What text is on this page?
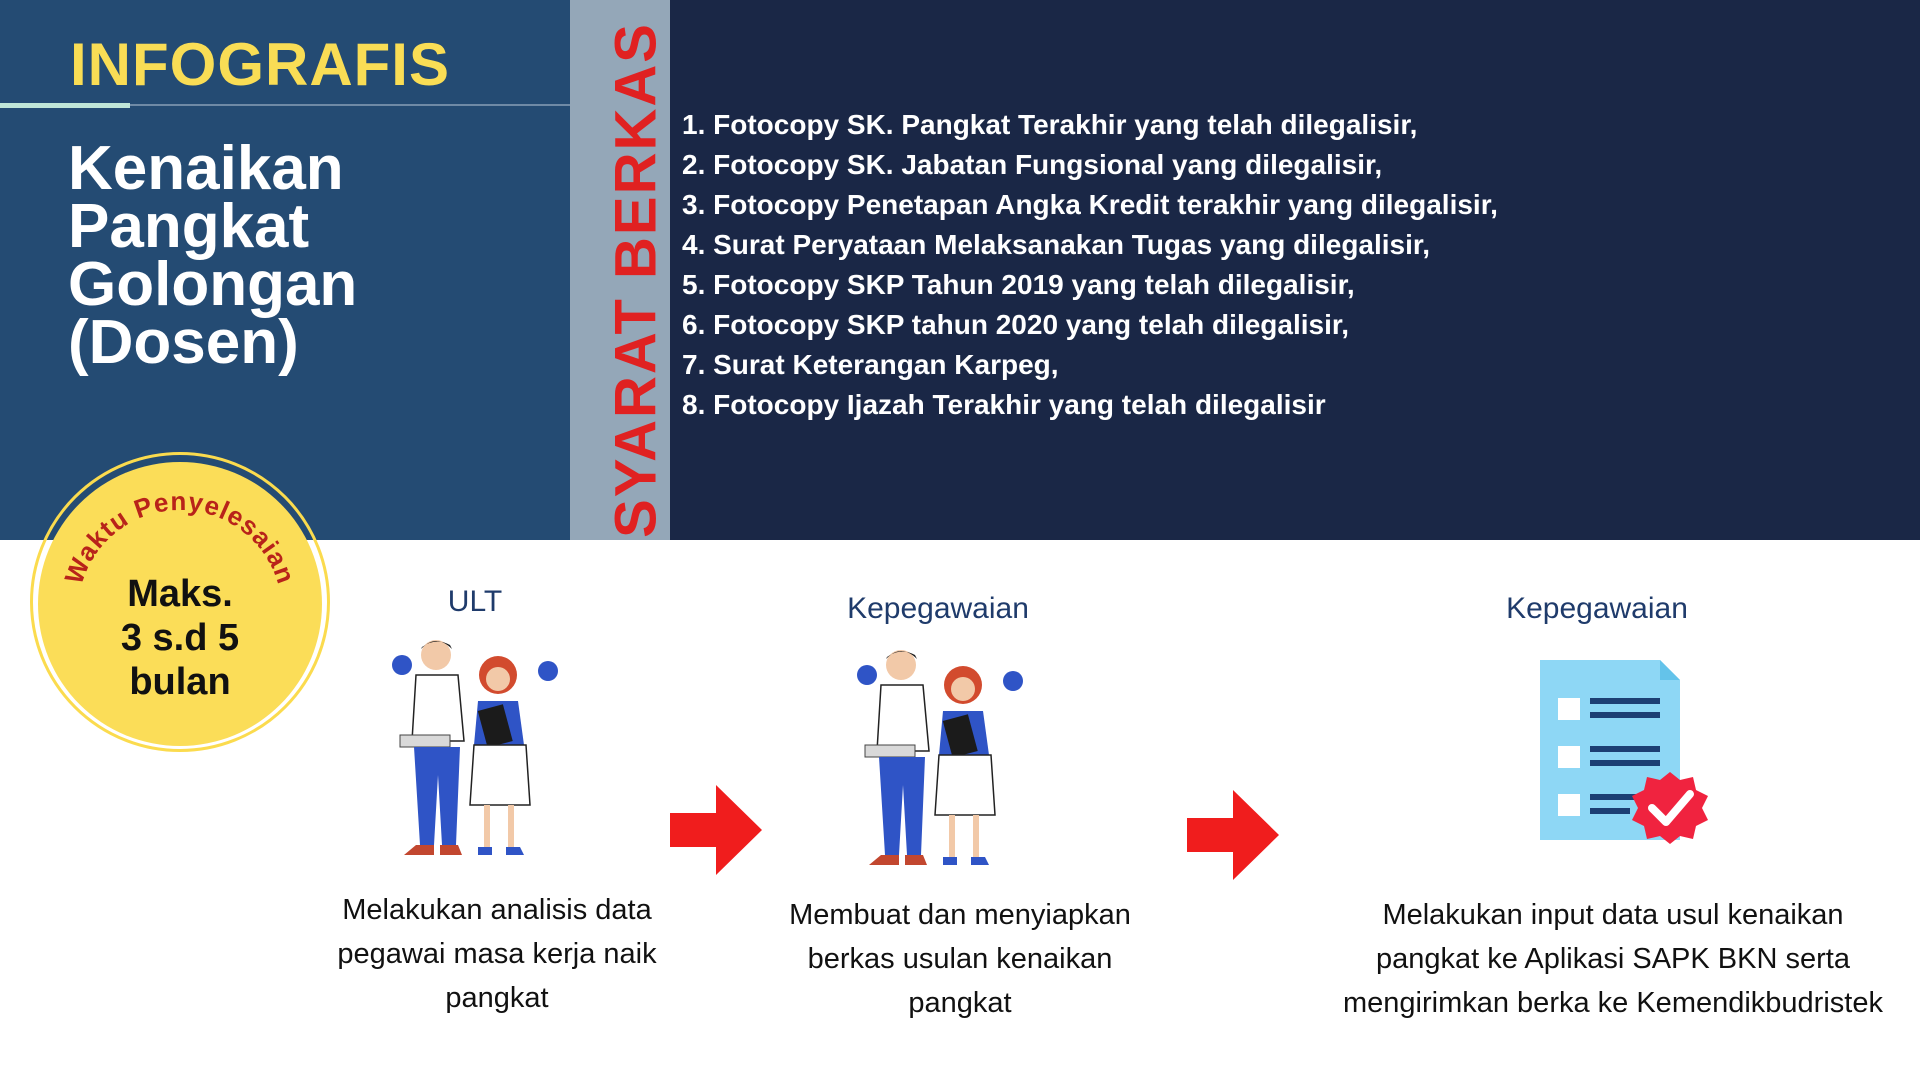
INFOGRAFIS
Kenaikan
Pangkat
Golongan
(Dosen)	SYARAT BERKAS 1. Fotocopy SK. Pangkat Terakhir yang telah dilegalisir,
2. Fotocopy SK. Jabatan Fungsional yang dilegalisir,
3. Fotocopy Penetapan Angka Kredit terakhir yang dilegalisir,
4. Surat Peryataan Melaksanakan Tugas yang dilegalisir,
5. Fotocopy SKP Tahun 2019 yang telah dilegalisir,
6. Fotocopy SKP tahun 2020 yang telah dilegalisir,
7. Surat Keterangan Karpeg,
8. Fotocopy Ijazah Terakhir yang telah dilegalisir
Waktu Penyelesaian
Maks.
3 s.d 5
bulan
ULT	Kepegawaian	Kepegawaian
Melakukan analisis data
pegawai masa kerja naik
pangkat
Membuat dan menyiapkan
berkas usulan kenaikan
pangkat
Melakukan input data usul kenaikan
pangkat ke Aplikasi SAPK BKN serta
mengirimkan berka ke Kemendikbudristek
